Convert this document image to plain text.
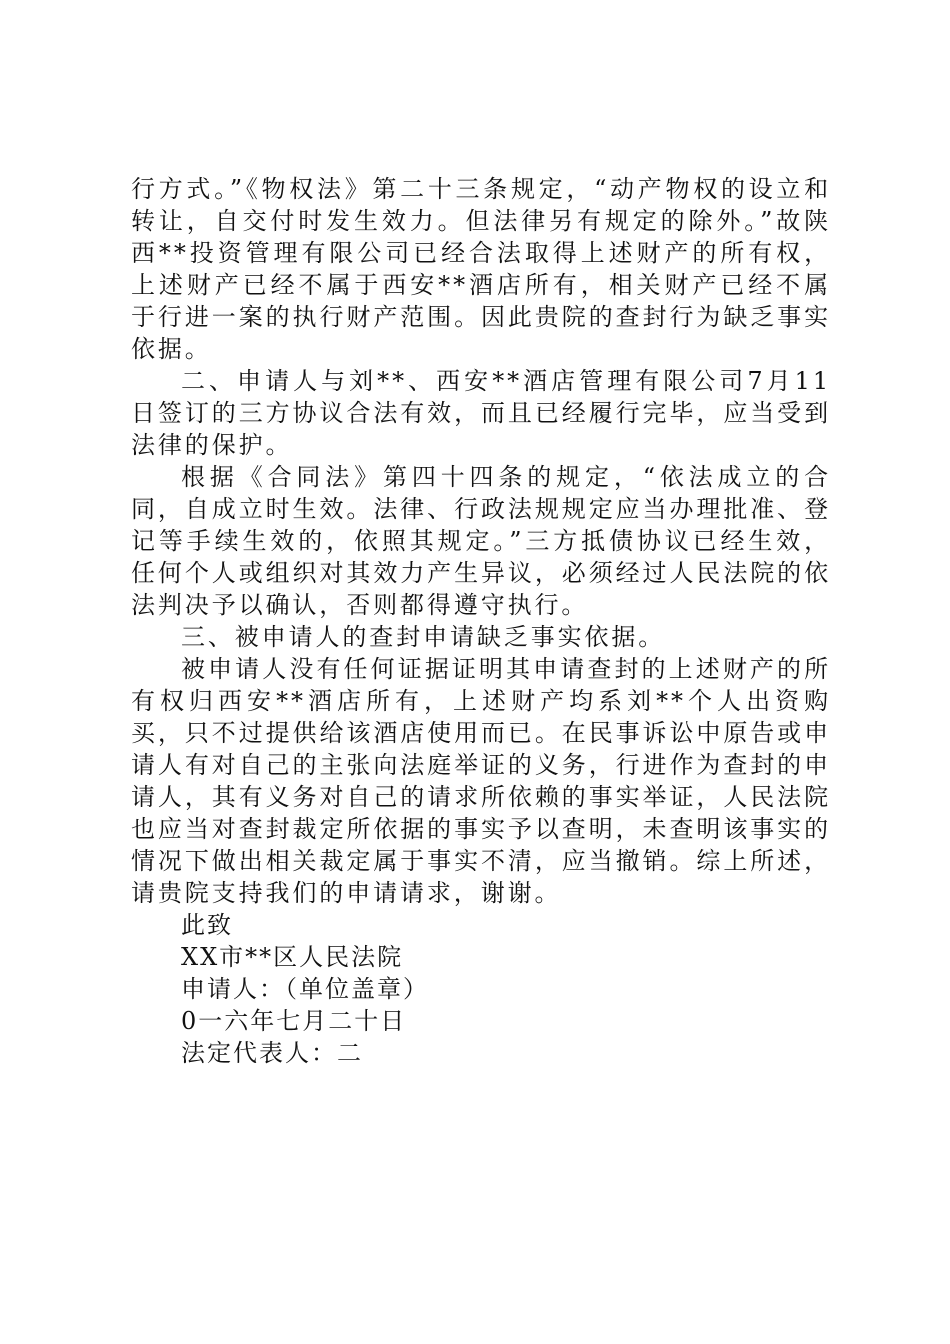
行方式。”《物权法》第二十三条规定，“动产物权的设立和转让，自交付时发生效力。但法律另有规定的除外。”故陕西**投资管理有限公司已经合法取得上述财产的所有权，上述财产已经不属于西安**酒店所有，相关财产已经不属于行进一案的执行财产范围。因此贵院的查封行为缺乏事实依据。

二、申请人与刘**、西安**酒店管理有限公司7月11日签订的三方协议合法有效，而且已经履行完毕，应当受到法律的保护。

根据《合同法》第四十四条的规定，“依法成立的合同，自成立时生效。法律、行政法规规定应当办理批准、登记等手续生效的，依照其规定。”三方抵债协议已经生效，任何个人或组织对其效力产生异议，必须经过人民法院的依法判决予以确认，否则都得遵守执行。

三、被申请人的查封申请缺乏事实依据。

被申请人没有任何证据证明其申请查封的上述财产的所有权归西安**酒店所有，上述财产均系刘**个人出资购买，只不过提供给该酒店使用而已。在民事诉讼中原告或申请人有对自己的主张向法庭举证的义务，行进作为查封的申请人，其有义务对自己的请求所依赖的事实举证，人民法院也应当对查封裁定所依据的事实予以查明，未查明该事实的情况下做出相关裁定属于事实不清，应当撤销。综上所述，请贵院支持我们的申请请求，谢谢。

此致

XX市**区人民法院

申请人：（单位盖章）

0一六年七月二十日

法定代表人：二
